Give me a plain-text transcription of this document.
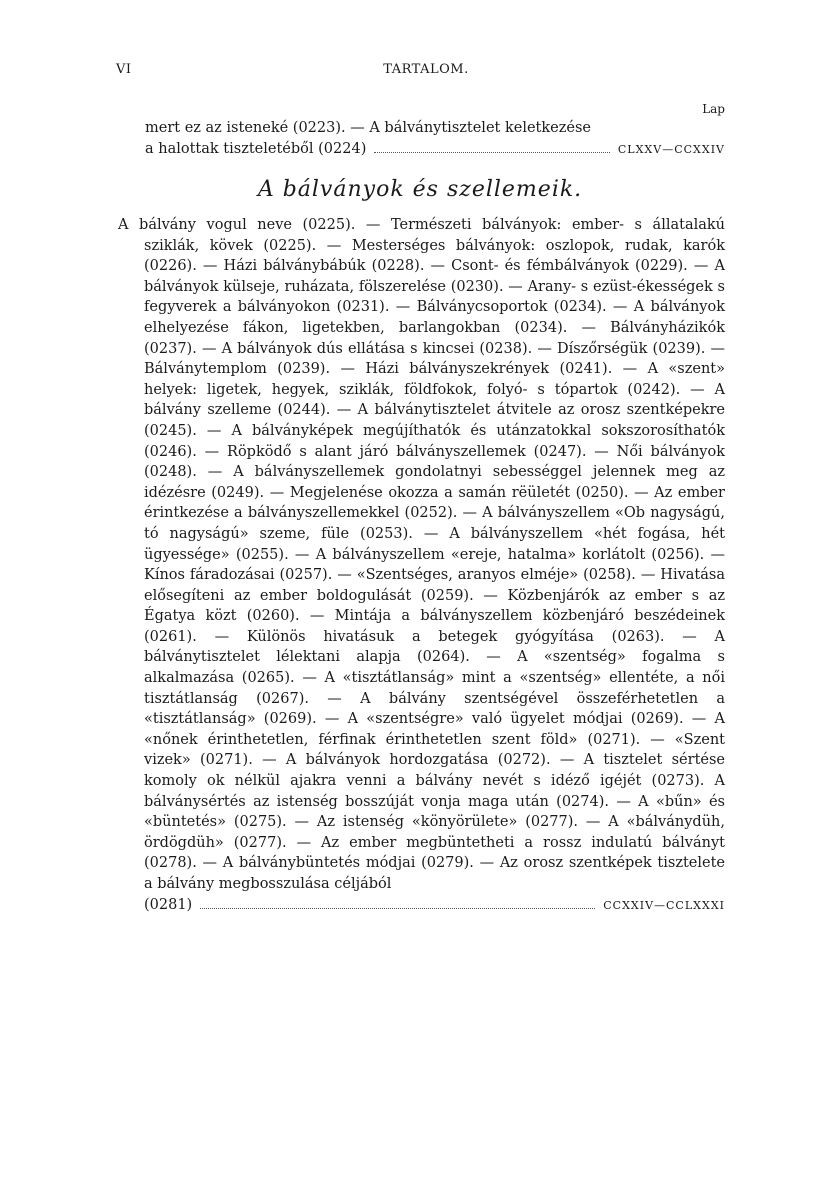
VI	TARTALOM.
Lap
mert ez az isteneké (0223). — A bálványtisztelet keletkezése
a halottak tiszteletéből (0224)	CLXXV—CCXXIV
A bálványok és szellemeik.
A bálvány vogul neve (0225). — Természeti bálványok: ember- s állatalakú sziklák, kövek (0225). — Mesterséges bálványok: oszlopok, rudak, karók (0226). — Házi bálványbábúk (0228). — Csont- és fémbálványok (0229). — A bálványok külseje, ruházata, fölszerelése (0230). — Arany- s ezüst-ékességek s fegyverek a bálványokon (0231). — Bálványcsoportok (0234). — A bálványok elhelyezése fákon, ligetekben, barlangokban (0234). — Bálványházikók (0237). — A bálványok dús ellátása s kincsei (0238). — Díszőrségük (0239). — Bálványtemplom (0239). — Házi bálványszekrények (0241). — A «szent» helyek: ligetek, hegyek, sziklák, földfokok, folyó- s tópartok (0242). — A bálvány szelleme (0244). — A bálványtisztelet átvitele az orosz szentképekre (0245). — A bálványképek megújíthatók és utánzatokkal sokszorosíthatók (0246). — Röpködő s alant járó bálványszellemek (0247). — Női bálványok (0248). — A bálványszellemek gondolatnyi sebességgel jelennek meg az idézésre (0249). — Megjelenése okozza a samán rëületét (0250). — Az ember érintkezése a bálványszellemekkel (0252). — A bálványszellem «Ob nagyságú, tó nagyságú» szeme, füle (0253). — A bálványszellem «hét fogása, hét ügyessége» (0255). — A bálványszellem «ereje, hatalma» korlátolt (0256). — Kínos fáradozásai (0257). — «Szentséges, aranyos elméje» (0258). — Hivatása elősegíteni az ember boldogulását (0259). — Közbenjárók az ember s az Égatya közt (0260). — Mintája a bálványszellem közbenjáró beszédeinek (0261). — Különös hivatásuk a betegek gyógyítása (0263). — A bálványtisztelet lélektani alapja (0264). — A «szentség» fogalma s alkalmazása (0265). — A «tisztátlanság» mint a «szentség» ellentéte, a női tisztátlanság (0267). — A bálvány szentségével összeférhetetlen a «tisztátlanság» (0269). — A «szentségre» való ügyelet módjai (0269). — A «nőnek érinthetetlen, férfinak érinthetetlen szent föld» (0271). — «Szent vizek» (0271). — A bálványok hordozgatása (0272). — A tisztelet sértése komoly ok nélkül ajakra venni a bálvány nevét s idéző igéjét (0273). A bálványsértés az istenség bosszúját vonja maga után (0274). — A «bűn» és «büntetés» (0275). — Az istenség «könyörülete» (0277). — A «bálványdüh, ördögdüh» (0277). — Az ember megbüntetheti a rossz indulatú bálványt (0278). — A bálványbüntetés módjai (0279). — Az orosz szentképek tisztelete a bálvány megbosszulása céljából
(0281)	CCXXIV—CCLXXXI
